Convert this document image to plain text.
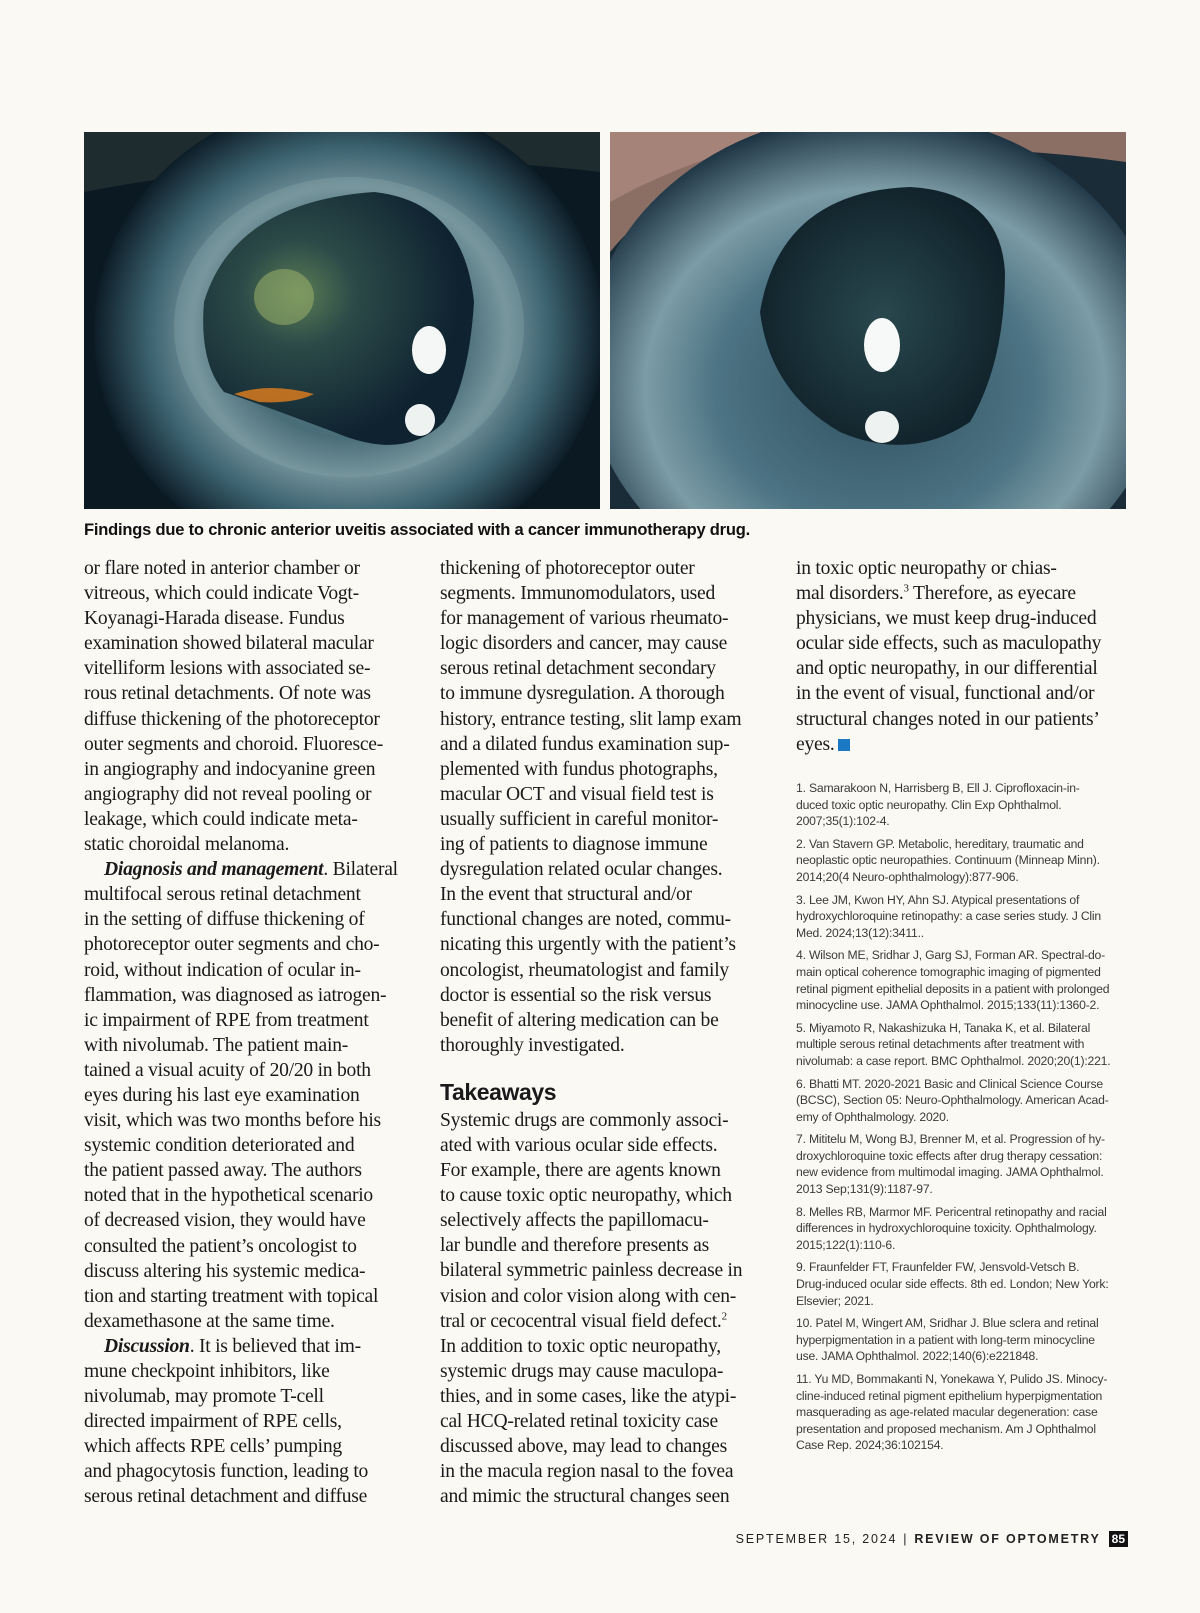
Findings due to chronic anterior uveitis associated with a cancer immunotherapy drug.

or flare noted in anterior chamber or
vitreous, which could indicate Vogt-
Koyanagi-Harada disease. Fundus
examination showed bilateral macular
vitelliform lesions with associated se-
rous retinal detachments. Of note was
diffuse thickening of the photoreceptor
outer segments and choroid. Fluoresce-
in angiography and indocyanine green
angiography did not reveal pooling or
leakage, which could indicate meta-
static choroidal melanoma.

Diagnosis and management. Bilateral
multifocal serous retinal detachment
in the setting of diffuse thickening of
photoreceptor outer segments and cho-
roid, without indication of ocular in-
flammation, was diagnosed as iatrogen-
ic impairment of RPE from treatment
with nivolumab. The patient main-
tained a visual acuity of 20/20 in both
eyes during his last eye examination
visit, which was two months before his
systemic condition deteriorated and
the patient passed away. The authors
noted that in the hypothetical scenario
of decreased vision, they would have
consulted the patient’s oncologist to
discuss altering his systemic medica-
tion and starting treatment with topical
dexamethasone at the same time.

Discussion. It is believed that im-
mune checkpoint inhibitors, like
nivolumab, may promote T-cell
directed impairment of RPE cells,
which affects RPE cells’ pumping
and phagocytosis function, leading to
serous retinal detachment and diffuse

thickening of photoreceptor outer
segments. Immunomodulators, used
for management of various rheumato-
logic disorders and cancer, may cause
serous retinal detachment secondary
to immune dysregulation. A thorough
history, entrance testing, slit lamp exam
and a dilated fundus examination sup-
plemented with fundus photographs,
macular OCT and visual field test is
usually sufficient in careful monitor-
ing of patients to diagnose immune
dysregulation related ocular changes.
In the event that structural and/or
functional changes are noted, commu-
nicating this urgently with the patient’s
oncologist, rheumatologist and family
doctor is essential so the risk versus
benefit of altering medication can be
thoroughly investigated.

Takeaways

Systemic drugs are commonly associ-
ated with various ocular side effects.
For example, there are agents known
to cause toxic optic neuropathy, which
selectively affects the papillomacu-
lar bundle and therefore presents as
bilateral symmetric painless decrease in
vision and color vision along with cen-
tral or cecocentral visual field defect.$^2$

In addition to toxic optic neuropathy,
systemic drugs may cause maculopa-
thies, and in some cases, like the atypi-
cal HCQ-related retinal toxicity case
discussed above, may lead to changes
in the macula region nasal to the fovea
and mimic the structural changes seen

in toxic optic neuropathy or chias-
mal disorders.$^3$ Therefore, as eyecare
physicians, we must keep drug-induced
ocular side effects, such as maculopathy
and optic neuropathy, in our differential
in the event of visual, functional and/or
structural changes noted in our patients’
eyes.

1. Samarakoon N, Harrisberg B, Ell J. Ciprofloxacin-in-
duced toxic optic neuropathy. Clin Exp Ophthalmol.
2007;35(1):102-4.
2. Van Stavern GP. Metabolic, hereditary, traumatic and
neoplastic optic neuropathies. Continuum (Minneap Minn).
2014;20(4 Neuro-ophthalmology):877-906.
3. Lee JM, Kwon HY, Ahn SJ. Atypical presentations of
hydroxychloroquine retinopathy: a case series study. J Clin
Med. 2024;13(12):3411..
4. Wilson ME, Sridhar J, Garg SJ, Forman AR. Spectral-do-
main optical coherence tomographic imaging of pigmented
retinal pigment epithelial deposits in a patient with prolonged
minocycline use. JAMA Ophthalmol. 2015;133(11):1360-2.
5. Miyamoto R, Nakashizuka H, Tanaka K, et al. Bilateral
multiple serous retinal detachments after treatment with
nivolumab: a case report. BMC Ophthalmol. 2020;20(1):221.
6. Bhatti MT. 2020-2021 Basic and Clinical Science Course
(BCSC), Section 05: Neuro-Ophthalmology. American Acad-
emy of Ophthalmology. 2020.
7. Mititelu M, Wong BJ, Brenner M, et al. Progression of hy-
droxychloroquine toxic effects after drug therapy cessation:
new evidence from multimodal imaging. JAMA Ophthalmol.
2013 Sep;131(9):1187-97.
8. Melles RB, Marmor MF. Pericentral retinopathy and racial
differences in hydroxychloroquine toxicity. Ophthalmology.
2015;122(1):110-6.
9. Fraunfelder FT, Fraunfelder FW, Jensvold-Vetsch B.
Drug-induced ocular side effects. 8th ed. London; New York:
Elsevier; 2021.
10. Patel M, Wingert AM, Sridhar J. Blue sclera and retinal
hyperpigmentation in a patient with long-term minocycline
use. JAMA Ophthalmol. 2022;140(6):e221848.
11. Yu MD, Bommakanti N, Yonekawa Y, Pulido JS. Minocy-
cline-induced retinal pigment epithelium hyperpigmentation
masquerading as age-related macular degeneration: case
presentation and proposed mechanism. Am J Ophthalmol
Case Rep. 2024;36:102154.
SEPTEMBER 15, 2024 | REVIEW OF OPTOMETRY 85
